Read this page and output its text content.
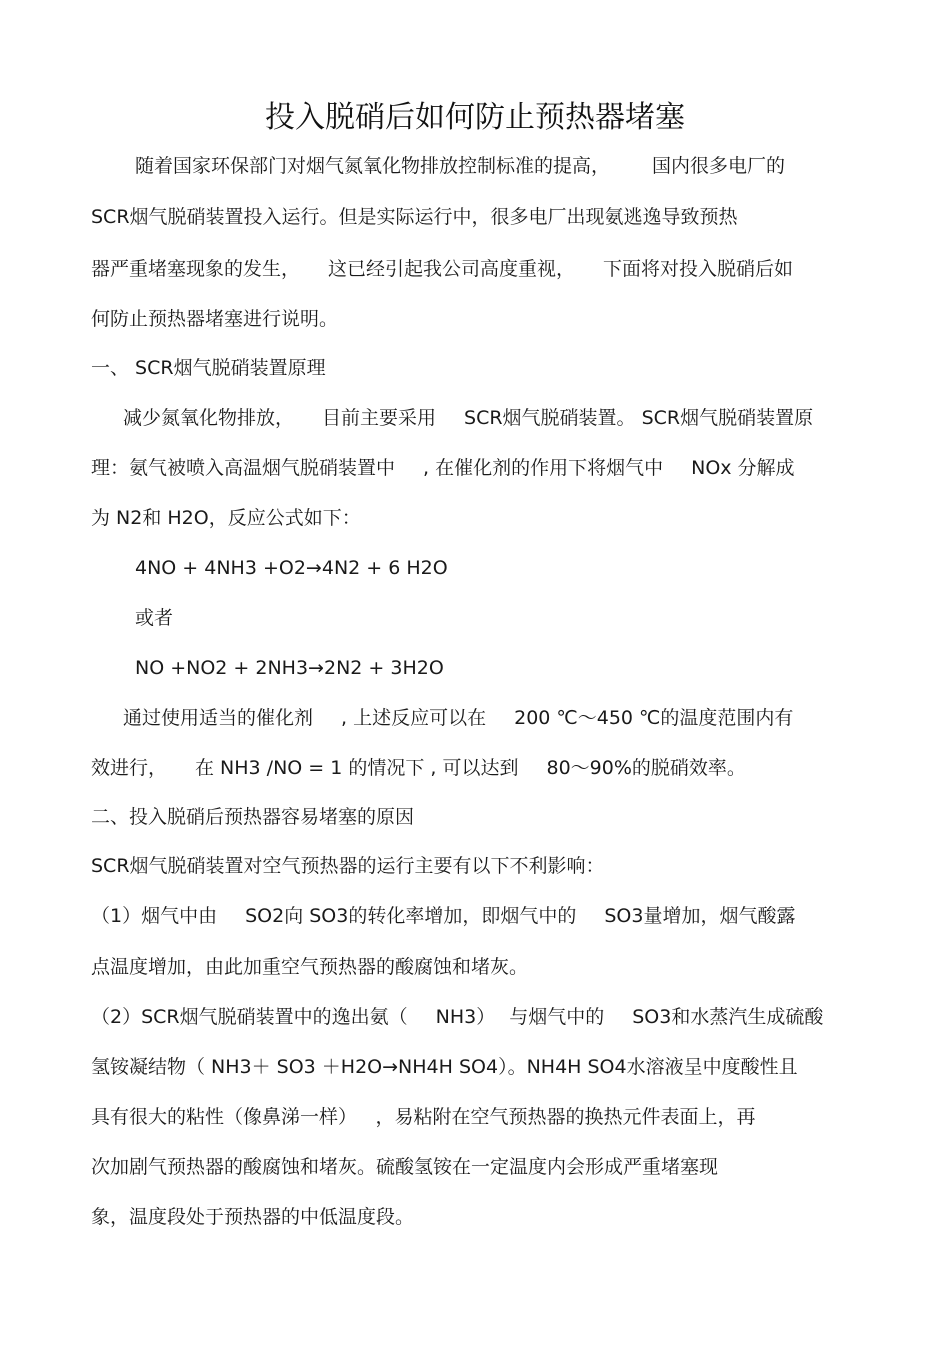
投入脱硝后如何防止预热器堵塞
随着国家环保部门对烟气氮氧化物排放控制标准的提高， 国内很多电厂的
SCR烟气脱硝装置投入运行。但是实际运行中，很多电厂出现氨逃逸导致预热
器严重堵塞现象的发生， 这已经引起我公司高度重视， 下面将对投入脱硝后如
何防止预热器堵塞进行说明。
一、 SCR烟气脱硝装置原理
减少氮氧化物排放， 目前主要采用 SCR烟气脱硝装置。 SCR烟气脱硝装置原
理：氨气被喷入高温烟气脱硝装置中 , 在催化剂的作用下将烟气中 NOx 分解成
为 N2和 H2O，反应公式如下：
4NO + 4NH3 +O2→4N2 + 6 H2O
或者
NO +NO2 + 2NH3→2N2 + 3H2O
通过使用适当的催化剂 , 上述反应可以在 200 ℃～450 ℃的温度范围内有
效进行， 在 NH3 /NO = 1 的情况下 , 可以达到 80～90%的脱硝效率。
二、投入脱硝后预热器容易堵塞的原因
SCR烟气脱硝装置对空气预热器的运行主要有以下不利影响：
（1）烟气中由 SO2向 SO3的转化率增加，即烟气中的 SO3量增加，烟气酸露
点温度增加，由此加重空气预热器的酸腐蚀和堵灰。
（2）SCR烟气脱硝装置中的逸出氨（ NH3） 与烟气中的 SO3和水蒸汽生成硫酸
氢铵凝结物（ NH3＋ SO3 ＋H2O→NH4H SO4）。NH4H SO4水溶液呈中度酸性且
具有很大的粘性（像鼻涕一样） ，易粘附在空气预热器的换热元件表面上，再
次加剧气预热器的酸腐蚀和堵灰。硫酸氢铵在一定温度内会形成严重堵塞现
象，温度段处于预热器的中低温度段。
